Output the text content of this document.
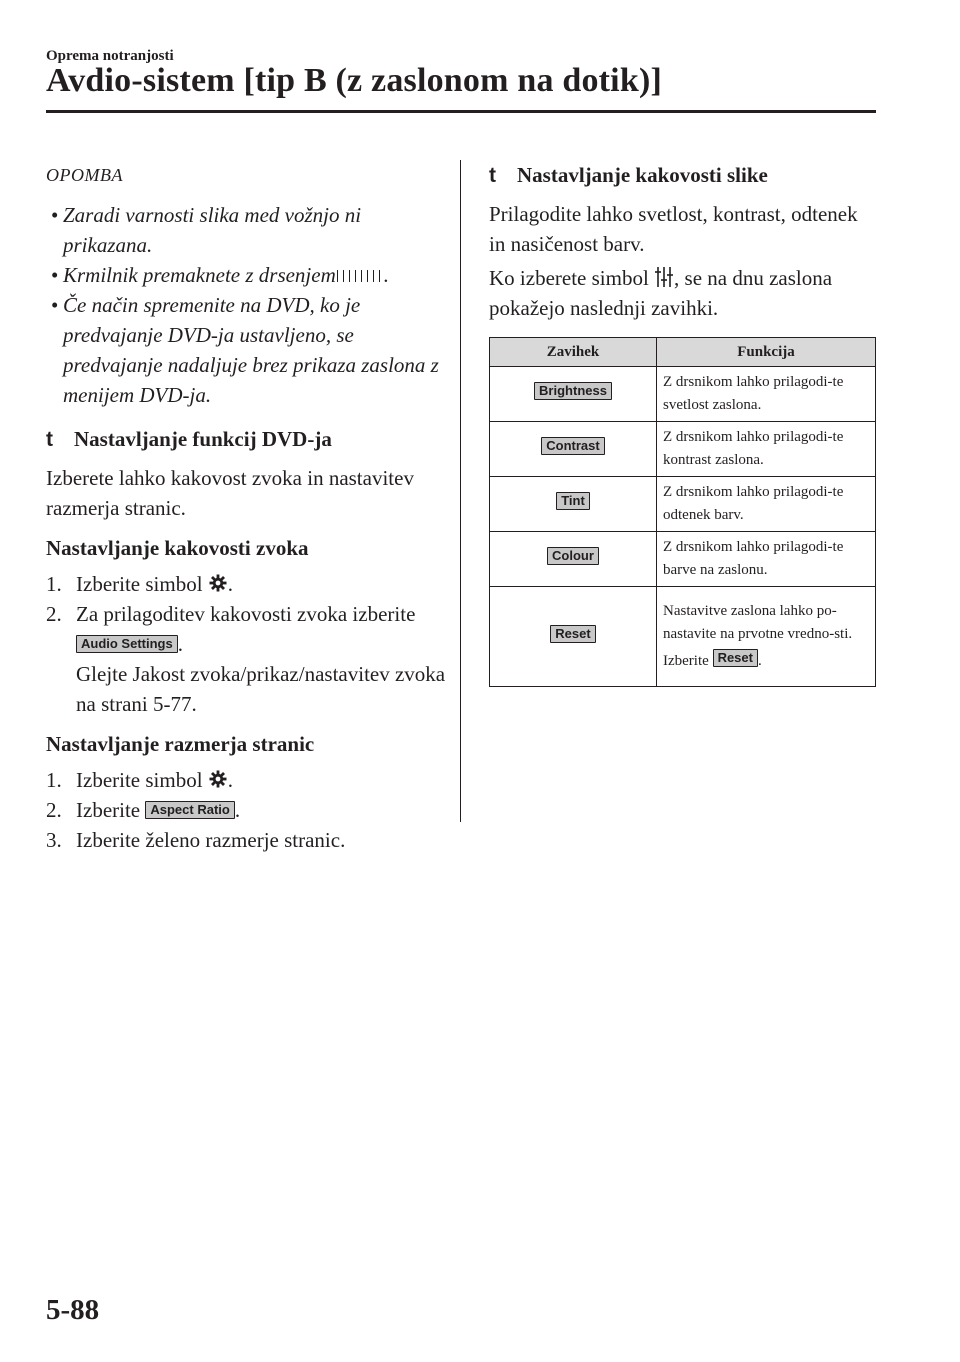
Oprema notranjosti
Avdio-sistem [tip B (z zaslonom na dotik)]
OPOMBA
• Zaradi varnosti slika med vožnjo ni prikazana.
• Krmilnik premaknete z drsenjem .
• Če način spremenite na DVD, ko je predvajanje DVD-ja ustavljeno, se predvajanje nadaljuje brez prikaza zaslona z menijem DVD-ja.
t	Nastavljanje funkcij DVD-ja

Izberete lahko kakovost zvoka in nastavitev razmerja stranic.

Nastavljanje kakovosti zvoka
1. Izberite simbol .
2. Za prilagoditev kakovosti zvoka izberite Audio Settings .
Glejte Jakost zvoka/prikaz/nastavitev zvoka na strani 5-77.
Nastavljanje razmerja stranic
1. Izberite simbol .
2. Izberite Aspect Ratio .
3. Izberite želeno razmerje stranic.
t	Nastavljanje kakovosti slike

Prilagodite lahko svetlost, kontrast, odtenek in nasičenost barv.

Ko izberete simbol , se na dnu zaslona pokažejo naslednji zavihki.

Zavihek	Funkcija
Brightness	Z drsnikom lahko prilagodi-te svetlost zaslona.
Contrast	Z drsnikom lahko prilagodi-te kontrast zaslona.
Tint	Z drsnikom lahko prilagodi-te odtenek barv.
Colour	Z drsnikom lahko prilagodi-te barve na zaslonu.
Reset	Nastavitve zaslona lahko po-nastavite na prvotne vredno-sti.
Izberite Reset .
5-88
